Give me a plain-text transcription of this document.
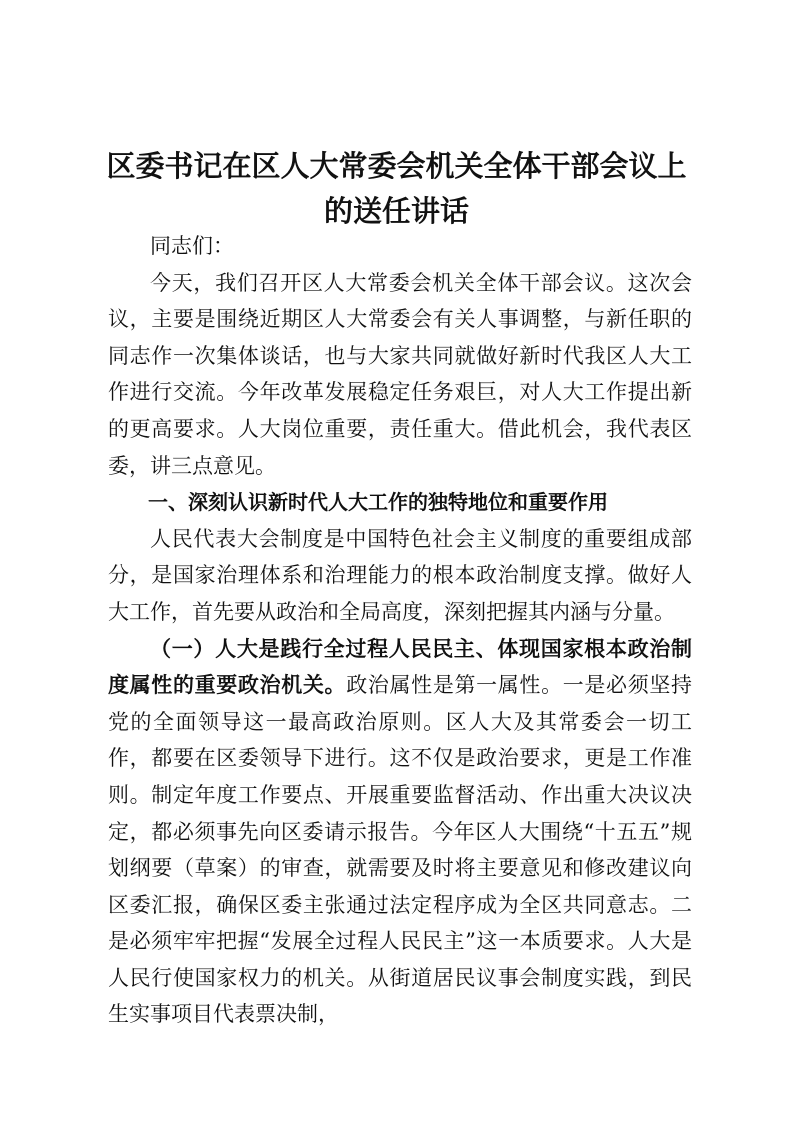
区委书记在区人大常委会机关全体干部会议上
的送任讲话

同志们：

今天，我们召开区人大常委会机关全体干部会议。这次会议，主要是围绕近期区人大常委会有关人事调整，与新任职的同志作一次集体谈话，也与大家共同就做好新时代我区人大工作进行交流。今年改革发展稳定任务艰巨，对人大工作提出新的更高要求。人大岗位重要，责任重大。借此机会，我代表区委，讲三点意见。

一、深刻认识新时代人大工作的独特地位和重要作用

人民代表大会制度是中国特色社会主义制度的重要组成部分，是国家治理体系和治理能力的根本政治制度支撑。做好人大工作，首先要从政治和全局高度，深刻把握其内涵与分量。

（一）人大是践行全过程人民民主、体现国家根本政治制度属性的重要政治机关。政治属性是第一属性。一是必须坚持党的全面领导这一最高政治原则。区人大及其常委会一切工作，都要在区委领导下进行。这不仅是政治要求，更是工作准则。制定年度工作要点、开展重要监督活动、作出重大决议决定，都必须事先向区委请示报告。今年区人大围绕“十五五”规划纲要（草案）的审查，就需要及时将主要意见和修改建议向区委汇报，确保区委主张通过法定程序成为全区共同意志。二是必须牢牢把握“发展全过程人民民主”这一本质要求。人大是人民行使国家权力的机关。从街道居民议事会制度实践，到民生实事项目代表票决制，
